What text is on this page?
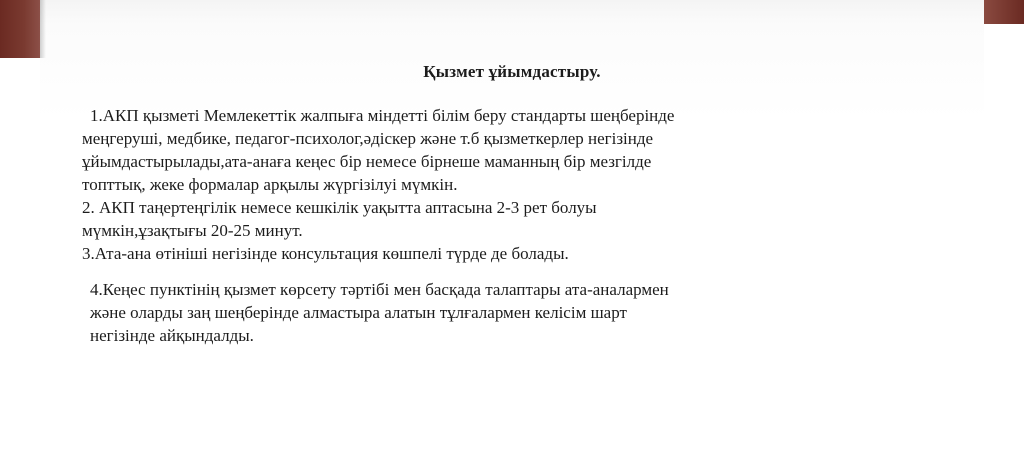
Қызмет ұйымдастыру.
1.АКП қызметі Мемлекеттік жалпыға міндетті білім беру стандарты шеңберінде
меңгеруші, медбике, педагог-психолог,әдіскер және т.б қызметкерлер негізінде
ұйымдастырылады,ата-анаға кеңес бір немесе бірнеше маманның бір мезгілде
топттық, жеке формалар арқылы жүргізілуі мүмкін.
2. АКП таңертеңгілік немесе кешкілік уақытта аптасына 2-3 рет болуы
мүмкін,ұзақтығы 20-25 минут.
3.Ата-ана өтініші негізінде консультация көшпелі түрде де болады.
4.Кеңес пунктінің қызмет көрсету тәртібі мен басқада талаптары ата-аналармен
және оларды заң шеңберінде алмастыра алатын тұлғалармен келісім шарт
негізінде айқындалды.
